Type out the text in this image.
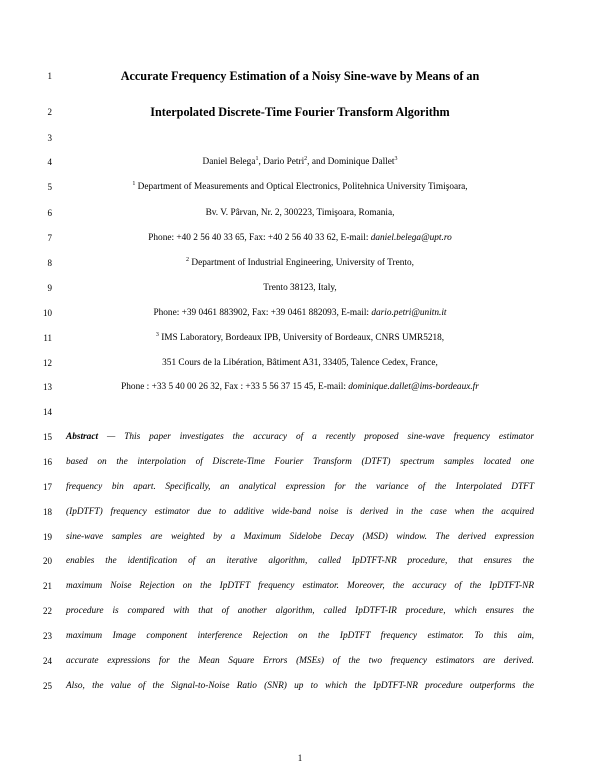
1
2
3
4
5
6
7
8
9
10
11
12
13
14
15
16
17
18
19
20
21
22
23
24
25
Accurate Frequency Estimation of a Noisy Sine-wave by Means of an
Interpolated Discrete-Time Fourier Transform Algorithm
Daniel Belega$^1$, Dario Petri$^2$, and Dominique Dallet$^3$
$^1$ Department of Measurements and Optical Electronics, Politehnica University Timişoara,
Bv. V. Pârvan, Nr. 2, 300223, Timişoara, Romania,
Phone: +40 2 56 40 33 65, Fax: +40 2 56 40 33 62, E-mail: daniel.belega@upt.ro
$^2$ Department of Industrial Engineering, University of Trento,
Trento 38123, Italy,
Phone: +39 0461 883902, Fax: +39 0461 882093, E-mail: dario.petri@unitn.it
$^3$ IMS Laboratory, Bordeaux IPB, University of Bordeaux, CNRS UMR5218,
351 Cours de la Libération, Bâtiment A31, 33405, Talence Cedex, France,
Phone : +33 5 40 00 26 32, Fax : +33 5 56 37 15 45, E-mail: dominique.dallet@ims-bordeaux.fr
Abstract — This paper investigates the accuracy of a recently proposed sine-wave frequency estimator
based on the interpolation of Discrete-Time Fourier Transform (DTFT) spectrum samples located one
frequency bin apart. Specifically, an analytical expression for the variance of the Interpolated DTFT
(IpDTFT) frequency estimator due to additive wide-band noise is derived in the case when the acquired
sine-wave samples are weighted by a Maximum Sidelobe Decay (MSD) window. The derived expression
enables the identification of an iterative algorithm, called IpDTFT-NR procedure, that ensures the
maximum Noise Rejection on the IpDTFT frequency estimator. Moreover, the accuracy of the IpDTFT-NR
procedure is compared with that of another algorithm, called IpDTFT-IR procedure, which ensures the
maximum Image component interference Rejection on the IpDTFT frequency estimator. To this aim,
accurate expressions for the Mean Square Errors (MSEs) of the two frequency estimators are derived.
Also, the value of the Signal-to-Noise Ratio (SNR) up to which the IpDTFT-NR procedure outperforms the
1
